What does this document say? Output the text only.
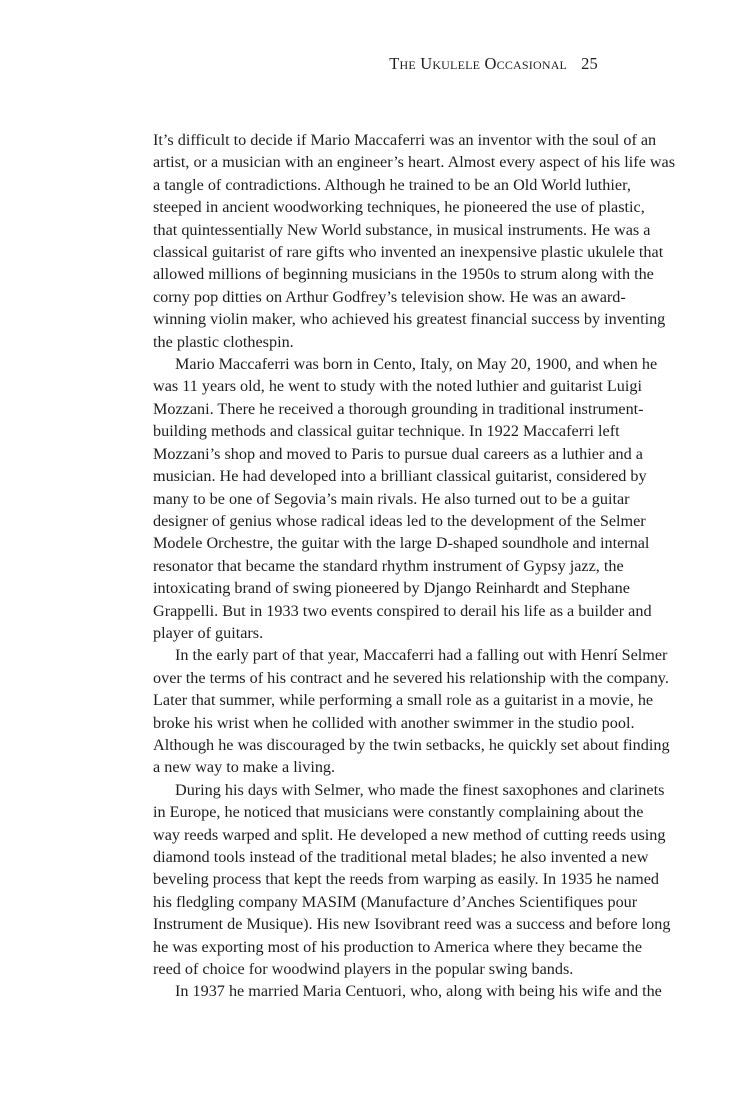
The Ukulele Occasional 25

It’s difficult to decide if Mario Maccaferri was an inventor with the soul of an
artist, or a musician with an engineer’s heart. Almost every aspect of his life was
a tangle of contradictions. Although he trained to be an Old World luthier,
steeped in ancient woodworking techniques, he pioneered the use of plastic,
that quintessentially New World substance, in musical instruments. He was a
classical guitarist of rare gifts who invented an inexpensive plastic ukulele that
allowed millions of beginning musicians in the 1950s to strum along with the
corny pop ditties on Arthur Godfrey’s television show. He was an award-
winning violin maker, who achieved his greatest financial success by inventing
the plastic clothespin.

Mario Maccaferri was born in Cento, Italy, on May 20, 1900, and when he
was 11 years old, he went to study with the noted luthier and guitarist Luigi
Mozzani. There he received a thorough grounding in traditional instrument-
building methods and classical guitar technique. In 1922 Maccaferri left
Mozzani’s shop and moved to Paris to pursue dual careers as a luthier and a
musician. He had developed into a brilliant classical guitarist, considered by
many to be one of Segovia’s main rivals. He also turned out to be a guitar
designer of genius whose radical ideas led to the development of the Selmer
Modele Orchestre, the guitar with the large D-shaped soundhole and internal
resonator that became the standard rhythm instrument of Gypsy jazz, the
intoxicating brand of swing pioneered by Django Reinhardt and Stephane
Grappelli. But in 1933 two events conspired to derail his life as a builder and
player of guitars.

In the early part of that year, Maccaferri had a falling out with Henrí Selmer
over the terms of his contract and he severed his relationship with the company.
Later that summer, while performing a small role as a guitarist in a movie, he
broke his wrist when he collided with another swimmer in the studio pool.
Although he was discouraged by the twin setbacks, he quickly set about finding
a new way to make a living.

During his days with Selmer, who made the finest saxophones and clarinets
in Europe, he noticed that musicians were constantly complaining about the
way reeds warped and split. He developed a new method of cutting reeds using
diamond tools instead of the traditional metal blades; he also invented a new
beveling process that kept the reeds from warping as easily. In 1935 he named
his fledgling company MASIM (Manufacture d’Anches Scientifiques pour
Instrument de Musique). His new Isovibrant reed was a success and before long
he was exporting most of his production to America where they became the
reed of choice for woodwind players in the popular swing bands.

In 1937 he married Maria Centuori, who, along with being his wife and the
